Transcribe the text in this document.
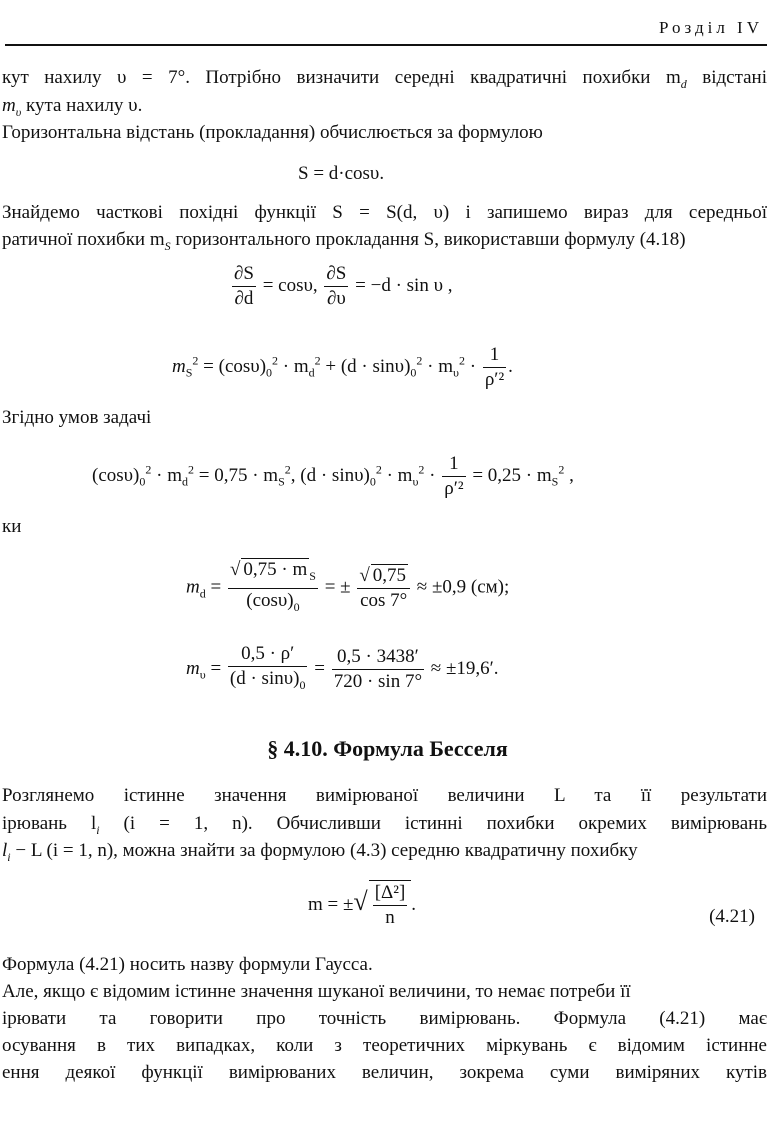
Розділ IV
кут нахилу υ = 7°. Потрібно визначити середні квадратичні похибки $m_d$ відстані
$m_\upsilon$ кута нахилу υ.
Горизонтальна відстань (прокладання) обчислюється за формулою
S = d·cosυ.
Знайдемо часткові похідні функції S = S(d, υ) і запишемо вираз для середньої
ратичної похибки $m_S$ горизонтального прокладання S, використавши формулу (4.18)
$\frac{\partial S}{\partial d} = \cos\upsilon$, $\frac{\partial S}{\partial\upsilon} = -d \cdot \sin \upsilon$ ,
$m_S^2 = (\cos\upsilon)_0^2 \cdot m_d^2 + (d \cdot \sin\upsilon)_0^2 \cdot m_\upsilon^2 \cdot \frac{1}{\text{ρ′²}}$ .
Згідно умов задачі
$(\cos\upsilon)_0^2 \cdot m_d^2 = 0,75 \cdot m_S^2$, $(d \cdot \sin\upsilon)_0^2 \cdot m_\upsilon^2 \cdot \frac{1}{\text{ρ′²}} = 0,25 \cdot m_S^2$ ,
ки
$m_d = \frac{√ 0,75 \cdot m _S}{(\cos\upsilon)_0}$ = ± $\frac{√ 0,75}{\cos 7^\circ} \approx \pm 0,9$ (см);
$m_\upsilon = \frac{0,5 \cdot \rho'}{(d \cdot \sin\upsilon)_0} = \frac{0,5 \cdot 3438'}{720 \cdot \sin 7^\circ} \approx \pm 19,6'$.
§ 4.10. Формула Бесселя
Розглянемо істинне значення вимірюваної величини L та її результати
ірювань $l_i$ (i = 1, n). Обчисливши істинні похибки окремих вимірювань
$l_i - L$ (i = 1, n), можна знайти за формулою (4.3) середню квадратичну похибку
m = ±√ $\frac{\text{[Δ²]}}{n}$ .
(4.21)
Формула (4.21) носить назву формули Гаусса.
Але, якщо є відомим істинне значення шуканої величини, то немає потреби її
ірювати та говорити про точність вимірювань. Формула (4.21) має
осування в тих випадках, коли з теоретичних міркувань є відомим істинне
ення деякої функції вимірюваних величин, зокрема суми виміряних кутів
